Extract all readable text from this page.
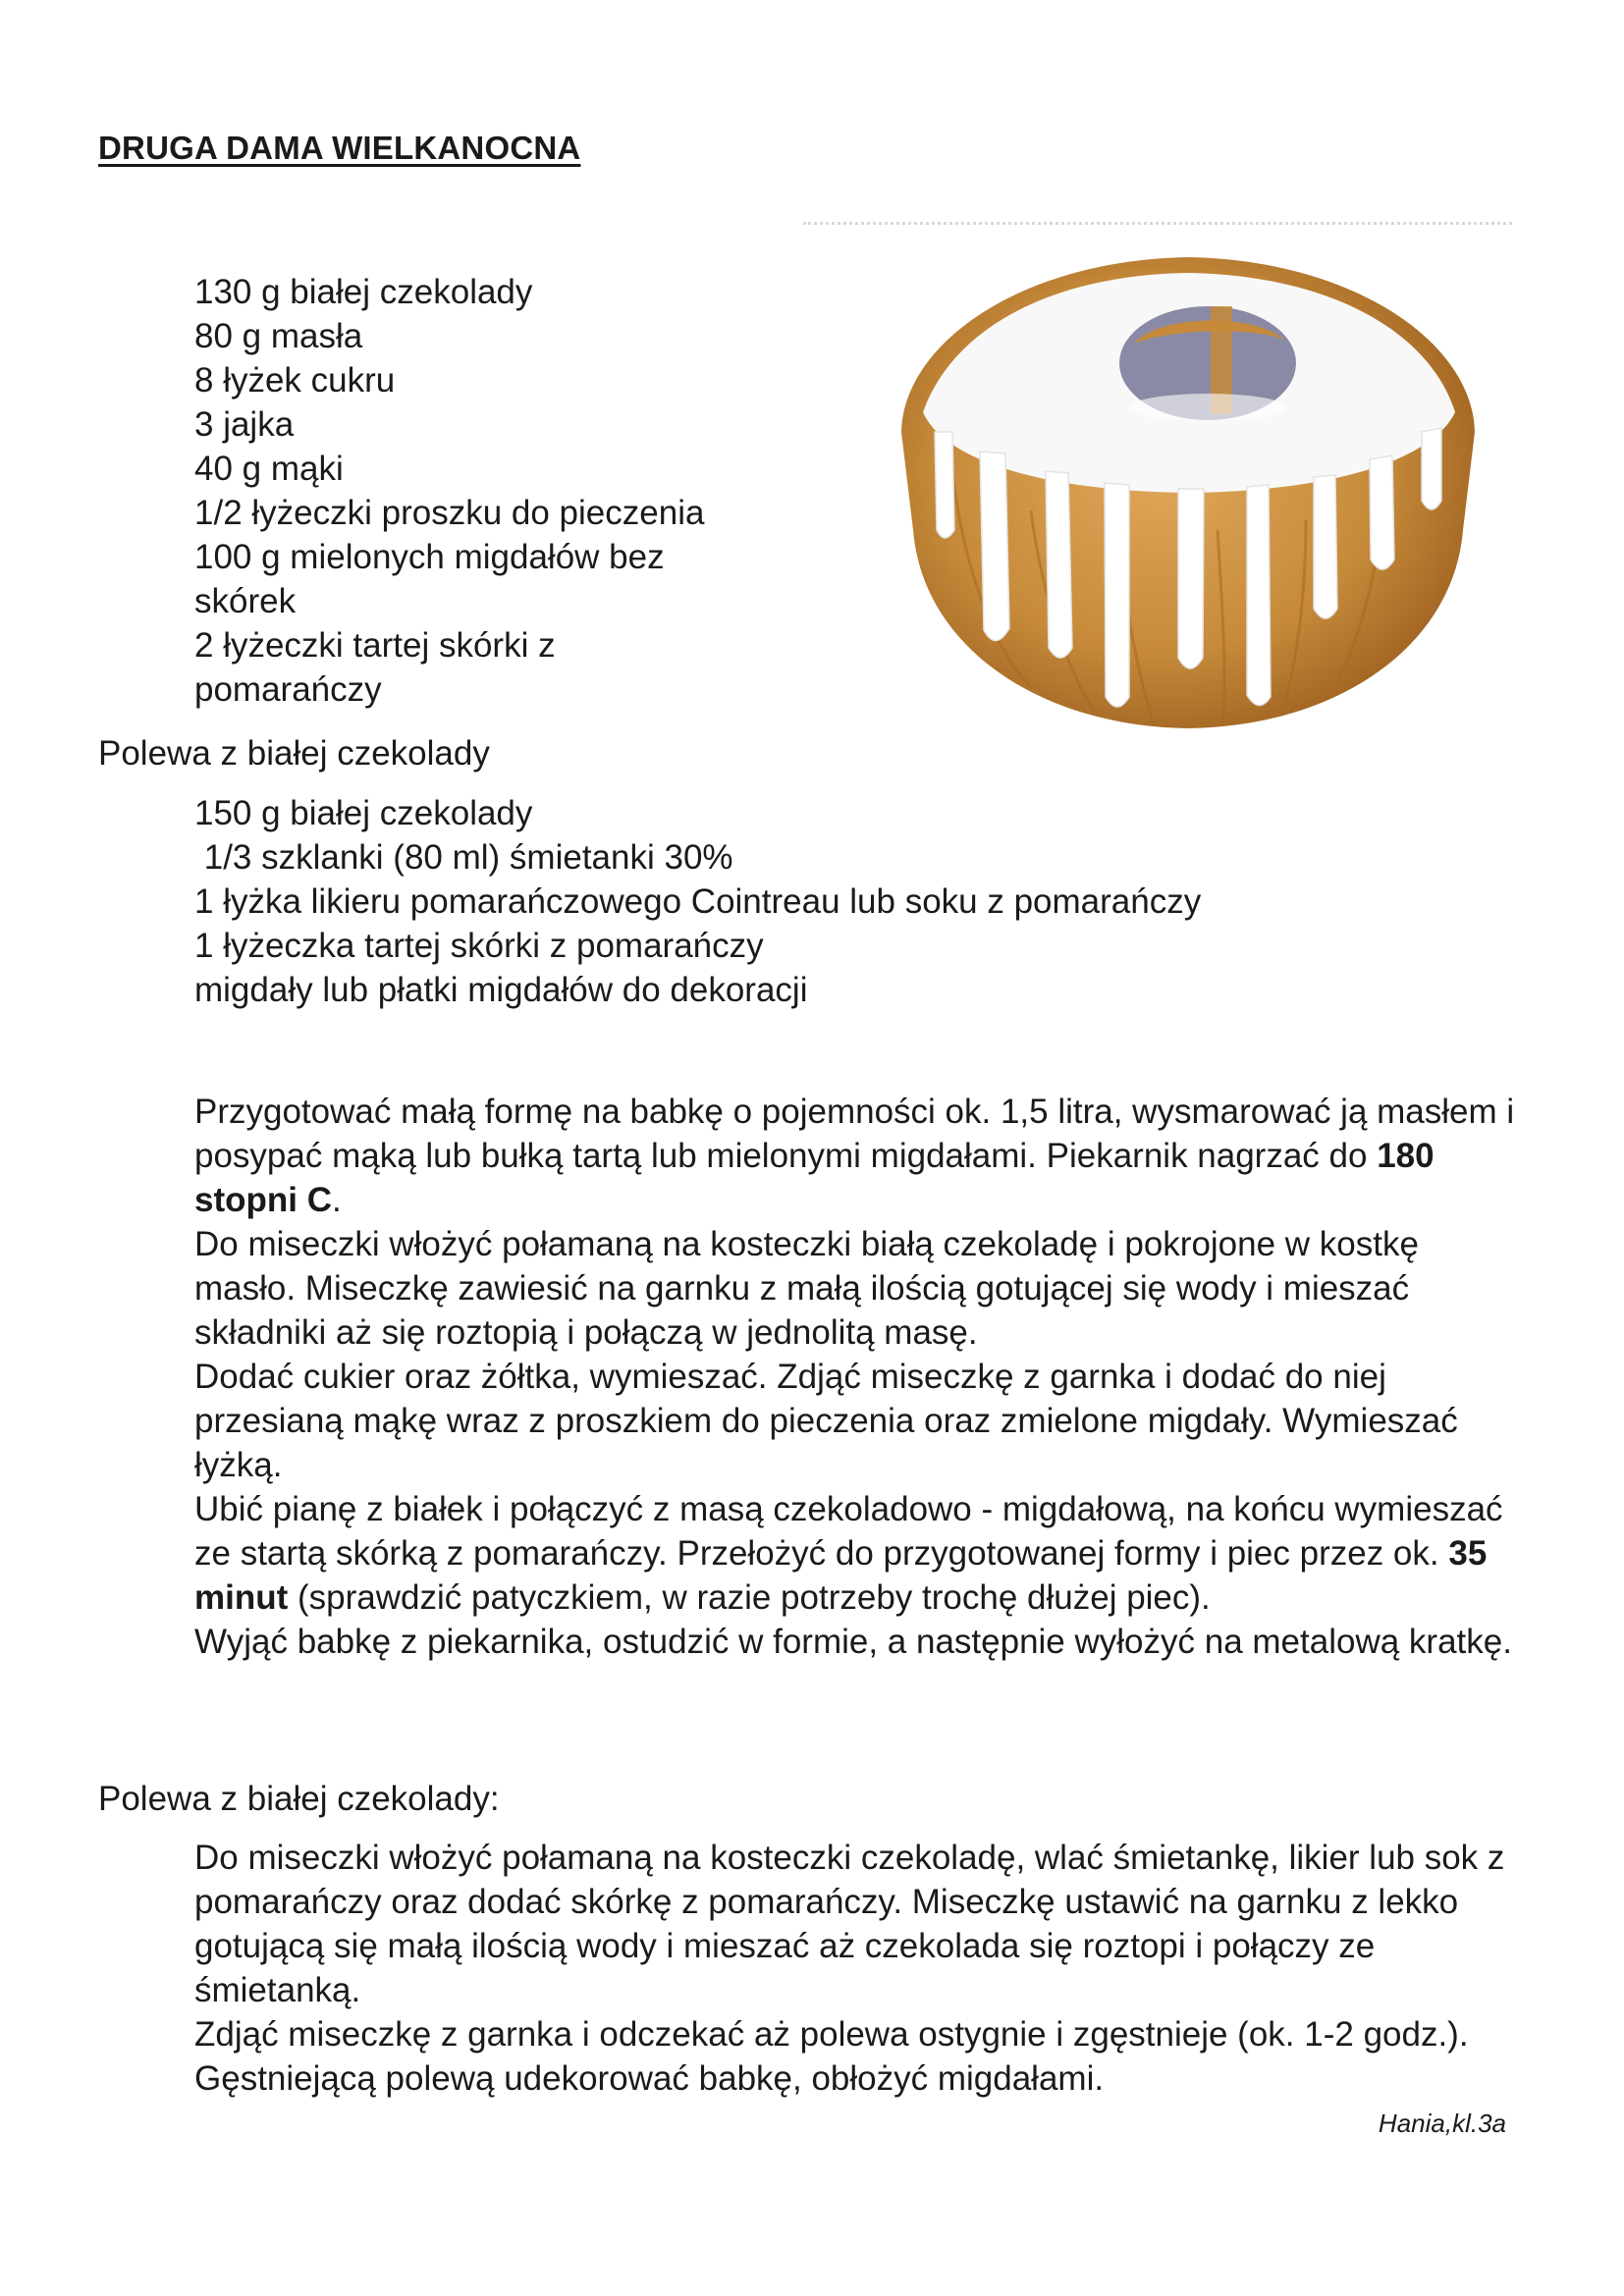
DRUGA DAMA WIELKANOCNA
130 g białej czekolady
80 g masła
8 łyżek cukru
3 jajka
40 g mąki
1/2 łyżeczki proszku do pieczenia
100 g mielonych migdałów bez skórek
2 łyżeczki tartej skórki z pomarańczy
Polewa z białej czekolady
150 g białej czekolady
1/3 szklanki (80 ml) śmietanki 30%
1 łyżka likieru pomarańczowego Cointreau lub soku z pomarańczy
1 łyżeczka tartej skórki z pomarańczy
migdały lub płatki migdałów do dekoracji

Przygotować małą formę na babkę o pojemności ok. 1,5 litra, wysmarować ją masłem i posypać mąką lub bułką tartą lub mielonymi migdałami. Piekarnik nagrzać do 180 stopni C.

Do miseczki włożyć połamaną na kosteczki białą czekoladę i pokrojone w kostkę masło. Miseczkę zawiesić na garnku z małą ilością gotującej się wody i mieszać składniki aż się roztopią i połączą w jednolitą masę.

Dodać cukier oraz żółtka, wymieszać. Zdjąć miseczkę z garnka i dodać do niej przesianą mąkę wraz z proszkiem do pieczenia oraz zmielone migdały. Wymieszać łyżką.

Ubić pianę z białek i połączyć z masą czekoladowo - migdałową, na końcu wymieszać ze startą skórką z pomarańczy. Przełożyć do przygotowanej formy i piec przez ok. 35 minut (sprawdzić patyczkiem, w razie potrzeby trochę dłużej piec).

Wyjąć babkę z piekarnika, ostudzić w formie, a następnie wyłożyć na metalową kratkę.

Polewa z białej czekolady:

Do miseczki włożyć połamaną na kosteczki czekoladę, wlać śmietankę, likier lub sok z pomarańczy oraz dodać skórkę z pomarańczy. Miseczkę ustawić na garnku z lekko gotującą się małą ilością wody i mieszać aż czekolada się roztopi i połączy ze śmietanką.

Zdjąć miseczkę z garnka i odczekać aż polewa ostygnie i zgęstnieje (ok. 1-2 godz.). Gęstniejącą polewą udekorować babkę, obłożyć migdałami.

Hania,kl.3a
